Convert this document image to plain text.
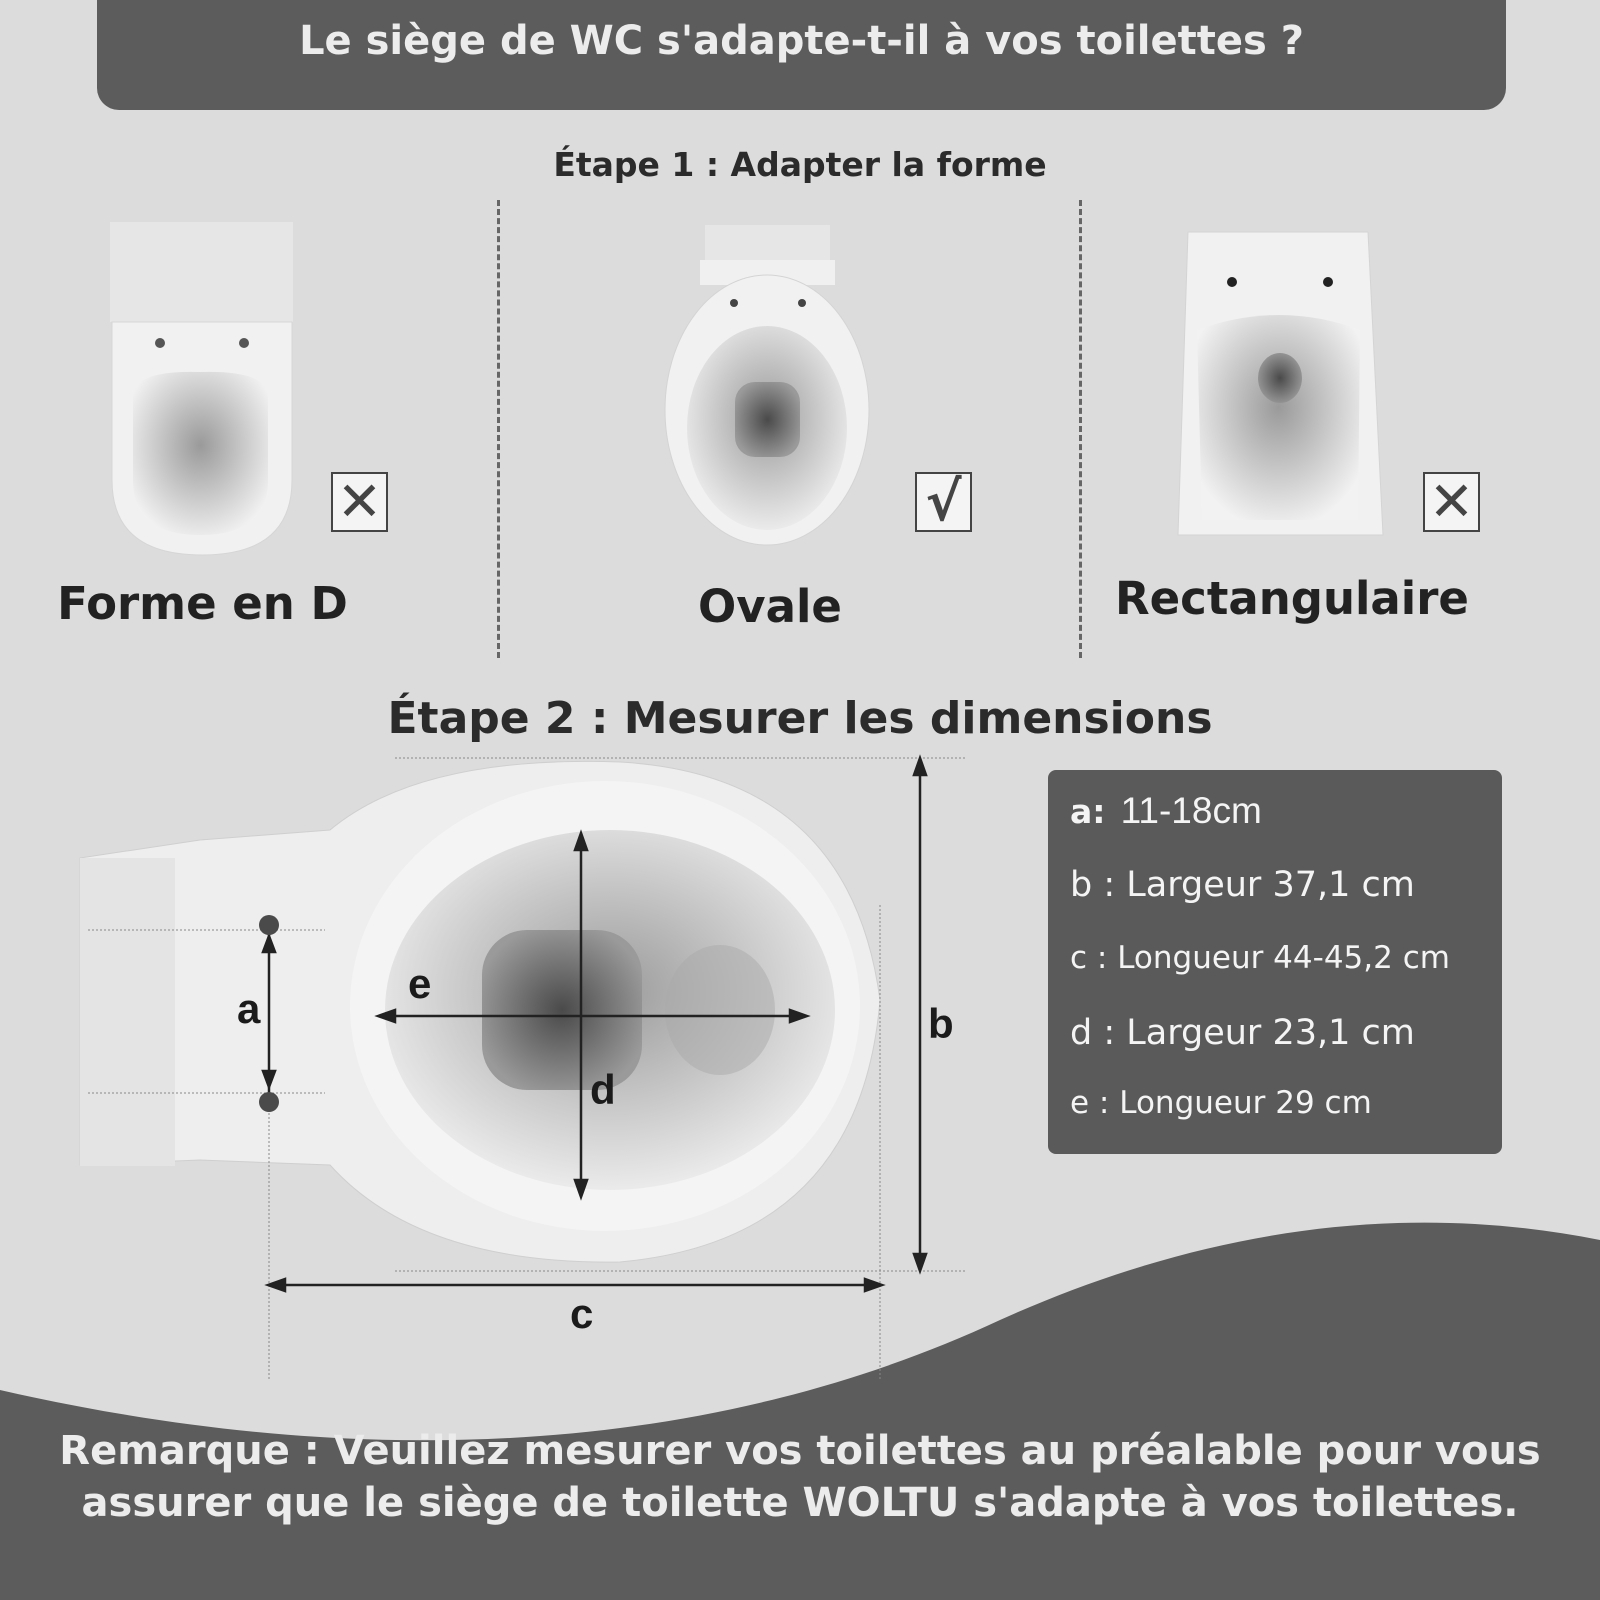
Le siège de WC s'adapte-t-il à vos toilettes ?
Étape 1 : Adapter la forme
Forme en D	Ovale	Rectangulaire
✕	√	✕
Étape 2 : Mesurer les dimensions
a	b
c
d
e
a: 11-18cm
b : Largeur 37,1 cm
c : Longueur 44-45,2 cm
d : Largeur 23,1 cm
e : Longueur 29 cm
Remarque : Veuillez mesurer vos toilettes au préalable pour vous
assurer que le siège de toilette WOLTU s'adapte à vos toilettes.
